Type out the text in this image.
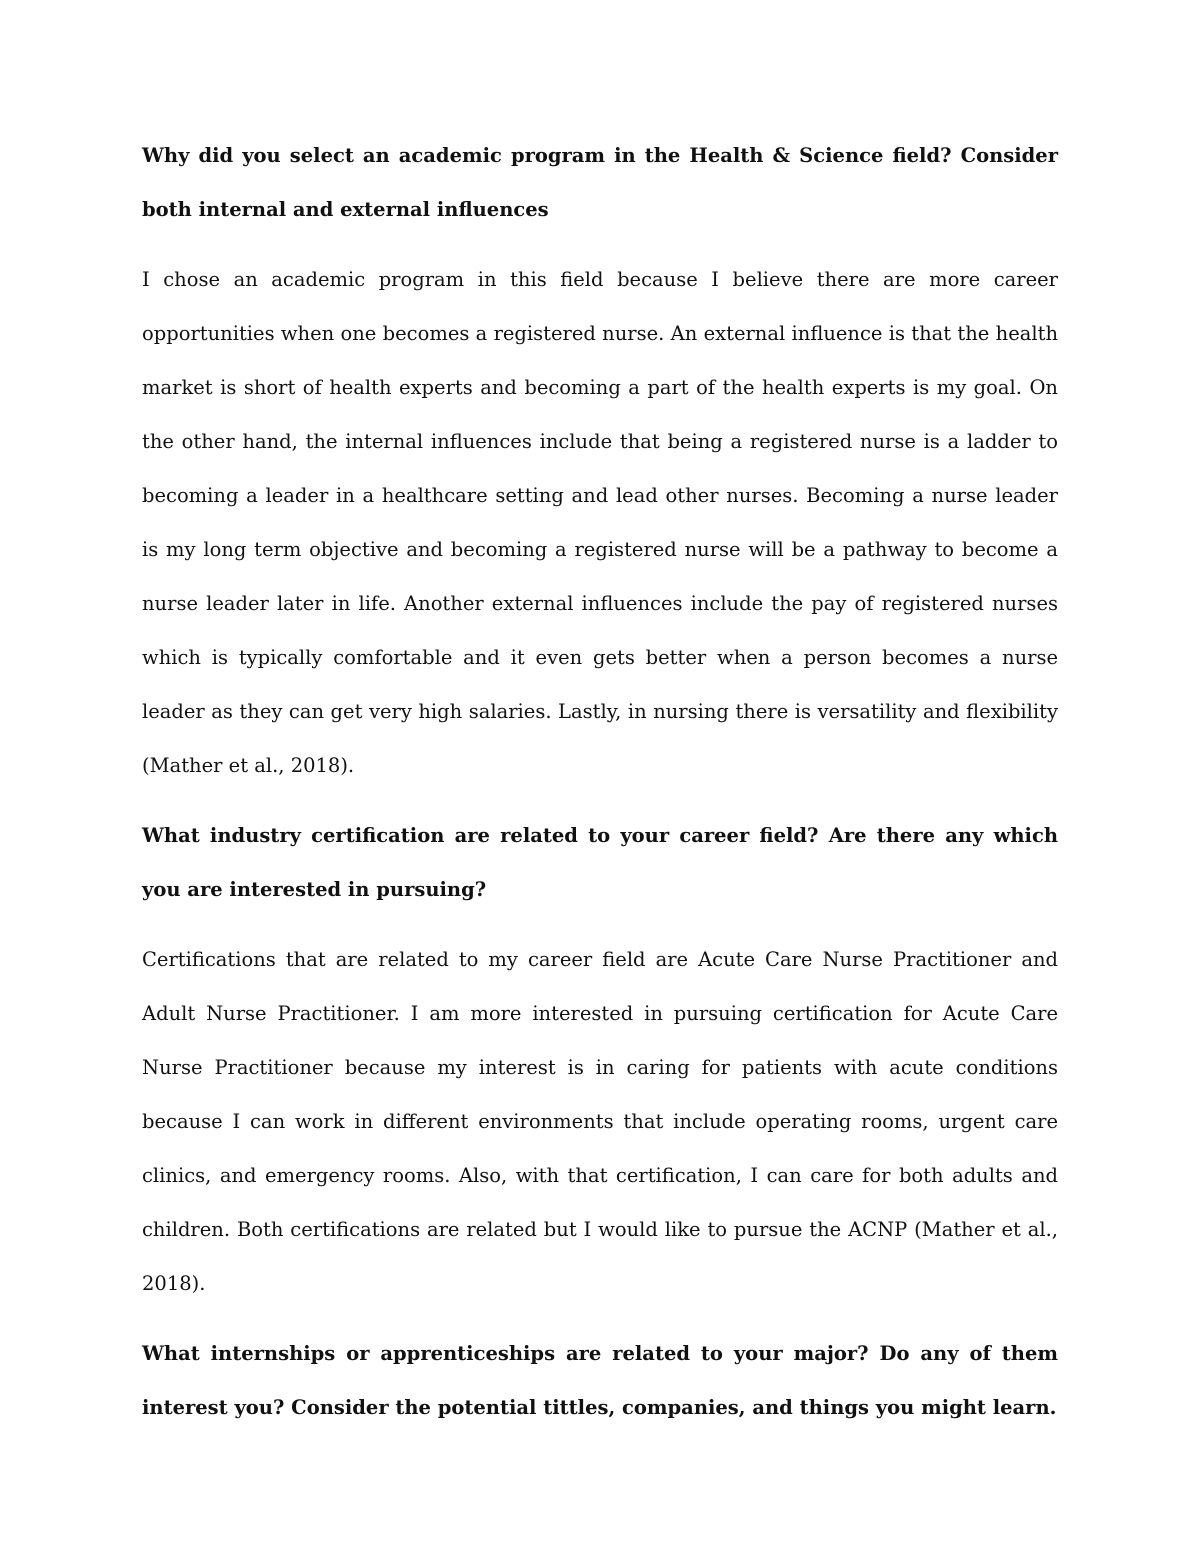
Why did you select an academic program in the Health & Science field? Consider both internal and external influences

I chose an academic program in this field because I believe there are more career opportunities when one becomes a registered nurse. An external influence is that the health market is short of health experts and becoming a part of the health experts is my goal. On the other hand, the internal influences include that being a registered nurse is a ladder to becoming a leader in a healthcare setting and lead other nurses. Becoming a nurse leader is my long term objective and becoming a registered nurse will be a pathway to become a nurse leader later in life. Another external influences include the pay of registered nurses which is typically comfortable and it even gets better when a person becomes a nurse leader as they can get very high salaries. Lastly, in nursing there is versatility and flexibility (Mather et al., 2018).

What industry certification are related to your career field? Are there any which you are interested in pursuing?

Certifications that are related to my career field are Acute Care Nurse Practitioner and Adult Nurse Practitioner. I am more interested in pursuing certification for Acute Care Nurse Practitioner because my interest is in caring for patients with acute conditions because I can work in different environments that include operating rooms, urgent care clinics, and emergency rooms. Also, with that certification, I can care for both adults and children. Both certifications are related but I would like to pursue the ACNP (Mather et al., 2018).

What internships or apprenticeships are related to your major? Do any of them interest you? Consider the potential tittles, companies, and things you might learn.
